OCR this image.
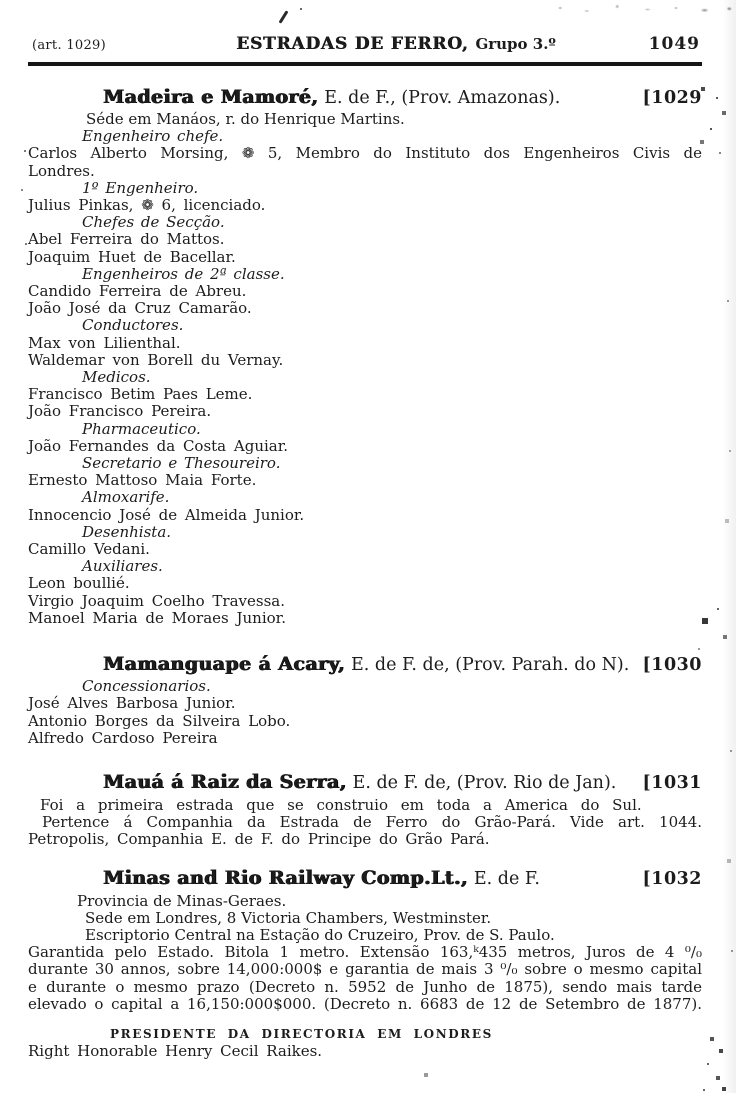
(art. 1029)	ESTRADAS DE FERRO, Grupo 3.º	1049
Madeira e Mamoré, E. de F., (Prov. Amazonas).	[1029
Séde em Manáos, r. do Henrique Martins.
Engenheiro chefe.
Carlos Alberto Morsing, ❁ 5, Membro do Instituto dos Engenheiros Civis de Londres.
1º Engenheiro.
Julius Pinkas, ❁ 6, licenciado.
Chefes de Secção.
Abel Ferreira do Mattos.
Joaquim Huet de Bacellar.
Engenheiros de 2ª classe.
Candido Ferreira de Abreu.
João José da Cruz Camarão.
Conductores.
Max von Lilienthal.
Waldemar von Borell du Vernay.
Medicos.
Francisco Betim Paes Leme.
João Francisco Pereira.
Pharmaceutico.
João Fernandes da Costa Aguiar.
Secretario e Thesoureiro.
Ernesto Mattoso Maia Forte.
Almoxarife.
Innocencio José de Almeida Junior.
Desenhista.
Camillo Vedani.
Auxiliares.
Leon boullié.
Virgio Joaquim Coelho Travessa.
Manoel Maria de Moraes Junior.
Mamanguape á Acary, E. de F. de, (Prov. Parah. do N). [1030
Concessionarios.
José Alves Barbosa Junior.
Antonio Borges da Silveira Lobo.
Alfredo Cardoso Pereira
Mauá á Raiz da Serra, E. de F. de, (Prov. Rio de Jan). [1031
Foi a primeira estrada que se construio em toda a America do Sul.
Pertence á Companhia da Estrada de Ferro do Grão-Pará. Vide art. 1044.
Petropolis, Companhia E. de F. do Principe do Grão Pará.
Minas and Rio Railway Comp.Lt., E. de F.	[1032
Provincia de Minas-Geraes.
Sede em Londres, 8 Victoria Chambers, Westminster.
Escriptorio Central na Estação do Cruzeiro, Prov. de S. Paulo.
Garantida pelo Estado. Bitola 1 metro. Extensão 163,ᵏ435 metros, Juros de 4 ⁰/₀
durante 30 annos, sobre 14,000:000$ e garantia de mais 3 ⁰/₀ sobre o mesmo capital
e durante o mesmo prazo (Decreto n. 5952 de Junho de 1875), sendo mais tarde
elevado o capital a 16,150:000$000. (Decreto n. 6683 de 12 de Setembro de 1877).
PRESIDENTE DA DIRECTORIA EM LONDRES
Right Honorable Henry Cecil Raikes.
